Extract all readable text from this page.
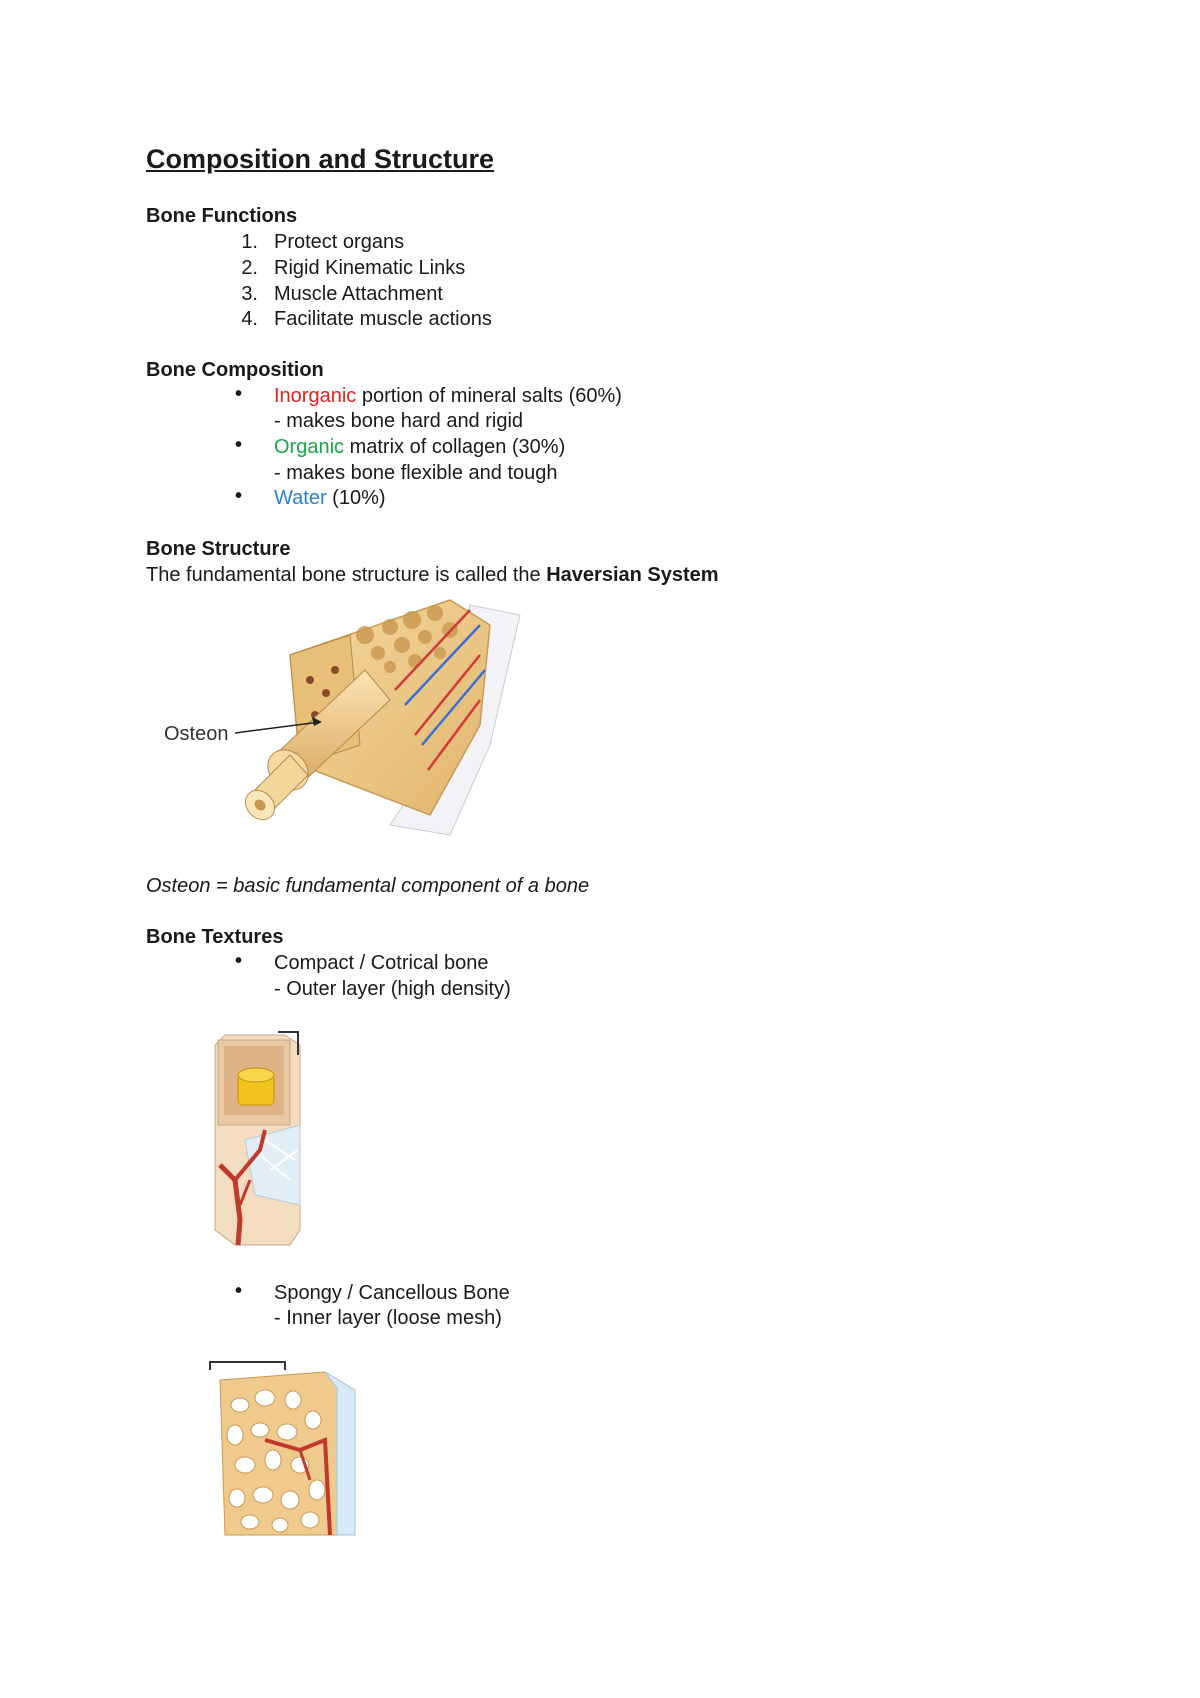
Composition and Structure
Bone Functions
1. Protect organs
2. Rigid Kinematic Links
3. Muscle Attachment
4. Facilitate muscle actions
Bone Composition
• Inorganic portion of mineral salts (60%)
- makes bone hard and rigid
• Organic matrix of collagen (30%)
- makes bone flexible and tough
• Water (10%)
Bone Structure
The fundamental bone structure is called the Haversian System
Osteon
Osteon = basic fundamental component of a bone
Bone Textures
• Compact / Cotrical bone
- Outer layer (high density)
• Spongy / Cancellous Bone
- Inner layer (loose mesh)
